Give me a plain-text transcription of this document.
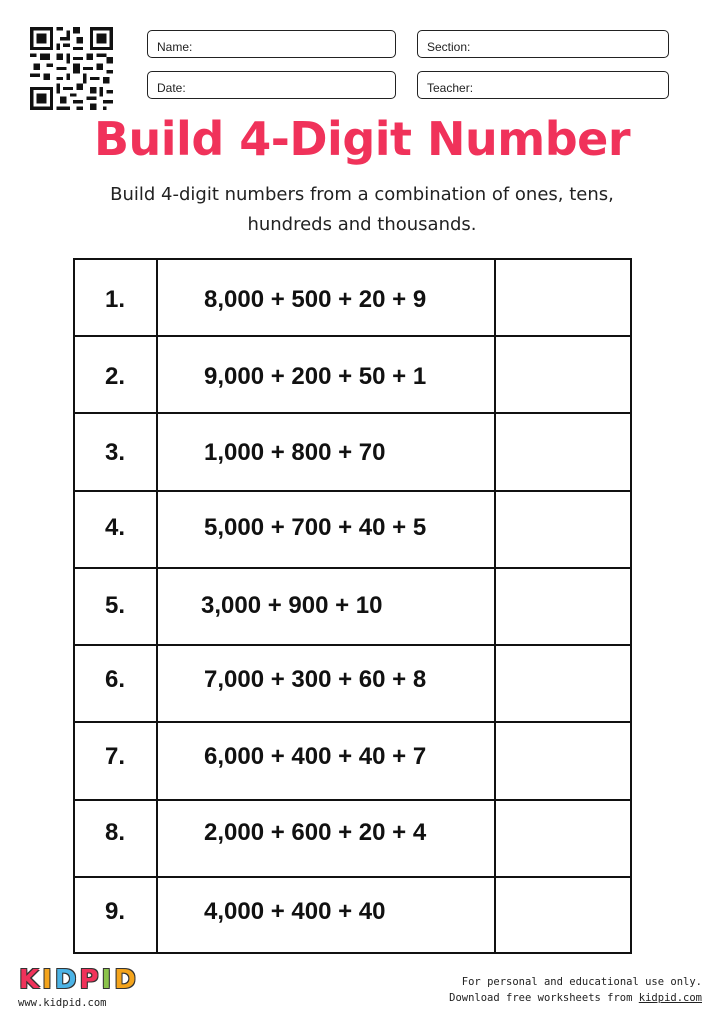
Name:	Section:
Date:	Teacher:
Build 4-Digit Number
Build 4-digit numbers from a combination of ones, tens,
hundreds and thousands.
1.	8,000 + 500 + 20 + 9
2.	9,000 + 200 + 50 + 1
3.	1,000 + 800 + 70
4.	5,000 + 700 + 40 + 5
5.	3,000 + 900 + 10
6.	7,000 + 300 + 60 + 8
7.	6,000 + 400 + 40 + 7
8.	2,000 + 600 + 20 + 4
9.	4,000 + 400 + 40
K I D P I D
www.kidpid.com
For personal and educational use only.
Download free worksheets from kidpid.com
